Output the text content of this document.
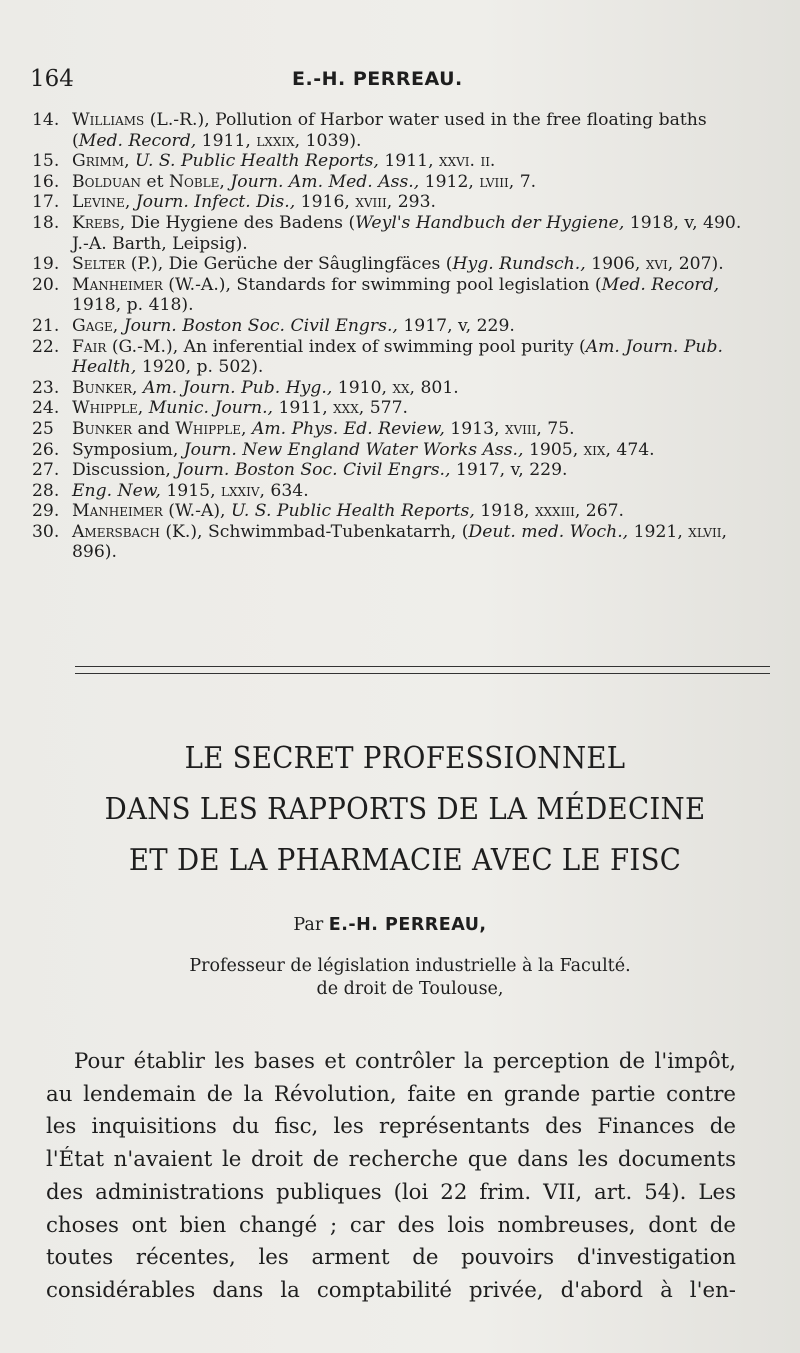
164	E.-H. PERREAU.
14. Williams (L.-R.), Pollution of Harbor water used in the free floating baths (Med. Record, 1911, lxxix, 1039).
15. Grimm, U. S. Public Health Reports, 1911, xxvi. ii.
16. Bolduan et Noble, Journ. Am. Med. Ass., 1912, lviii, 7.
17. Levine, Journ. Infect. Dis., 1916, xviii, 293.
18. Krebs, Die Hygiene des Badens (Weyl's Handbuch der Hygiene, 1918, v, 490. J.-A. Barth, Leipsig).
19. Selter (P.), Die Gerüche der Sâuglingfäces (Hyg. Rundsch., 1906, xvi, 207).
20. Manheimer (W.-A.), Standards for swimming pool legislation (Med. Record, 1918, p. 418).
21. Gage, Journ. Boston Soc. Civil Engrs., 1917, v, 229.
22. Fair (G.-M.), An inferential index of swimming pool purity (Am. Journ. Pub. Health, 1920, p. 502).
23. Bunker, Am. Journ. Pub. Hyg., 1910, xx, 801.
24. Whipple, Munic. Journ., 1911, xxx, 577.
25 Bunker and Whipple, Am. Phys. Ed. Review, 1913, xviii, 75.
26. Symposium, Journ. New England Water Works Ass., 1905, xix, 474.
27. Discussion, Journ. Boston Soc. Civil Engrs., 1917, v, 229.
28. Eng. New, 1915, lxxiv, 634.
29. Manheimer (W.-A), U. S. Public Health Reports, 1918, xxxiii, 267.
30. Amersbach (K.), Schwimmbad-Tubenkatarrh, (Deut. med. Woch., 1921, xlvii, 896).
LE SECRET PROFESSIONNEL
DANS LES RAPPORTS DE LA MÉDECINE
ET DE LA PHARMACIE AVEC LE FISC
Par E.-H. PERREAU,
Professeur de législation industrielle à la Faculté.
de droit de Toulouse,
Pour établir les bases et contrôler la perception de l'impôt,
au lendemain de la Révolution, faite en grande partie contre
les inquisitions du fisc, les représentants des Finances de
l'État n'avaient le droit de recherche que dans les documents
des administrations publiques (loi 22 frim. VII, art. 54). Les
choses ont bien changé ; car des lois nombreuses, dont de
toutes récentes, les arment de pouvoirs d'investigation
considérables dans la comptabilité privée, d'abord à l'en-
